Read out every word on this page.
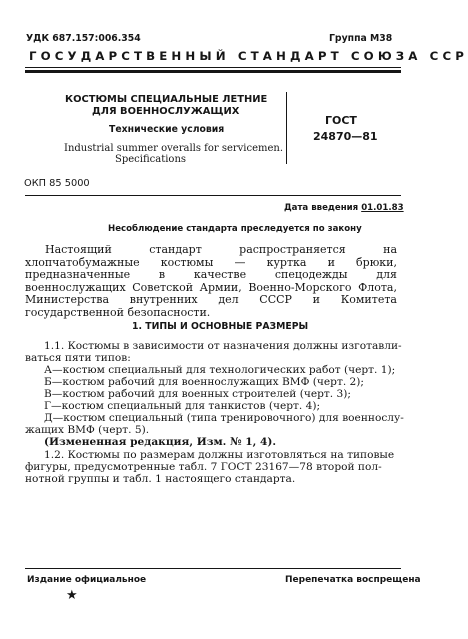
УДК 687.157:006.354	Группа М38
ГОСУДАРСТВЕННЫЙ СТАНДАРТ СОЮЗА ССР
КОСТЮМЫ СПЕЦИАЛЬНЫЕ ЛЕТНИЕ
ДЛЯ ВОЕННОСЛУЖАЩИХ
Технические условия
Industrial summer overalls for servicemen.
Specifications
ГОСТ
24870—81
ОКП 85 5000
Дата введения 01.01.83
Несоблюдение стандарта преследуется по закону
Настоящий стандарт распространяется на хлопчатобумажные костюмы — куртка и брюки, предназначенные в качестве спецодежды для военнослужащих Советской Армии, Военно-Морского Флота, Министерства внутренних дел СССР и Комитета государственной безопасности.
1. ТИПЫ И ОСНОВНЫЕ РАЗМЕРЫ
1.1. Костюмы в зависимости от назначения должны изготавли-
ваться пяти типов:
А—костюм специальный для технологических работ (черт. 1);
Б—костюм рабочий для военнослужащих ВМФ (черт. 2);
В—костюм рабочий для военных строителей (черт. 3);
Г—костюм специальный для танкистов (черт. 4);
Д—костюм специальный (типа тренировочного) для военнослу-
жащих ВМФ (черт. 5).
(Измененная редакция, Изм. № 1, 4).
1.2. Костюмы по размерам должны изготовляться на типовые
фигуры, предусмотренные табл. 7 ГОСТ 23167—78 второй пол-
нотной группы и табл. 1 настоящего стандарта.
Издание официальное	Перепечатка воспрещена
★
